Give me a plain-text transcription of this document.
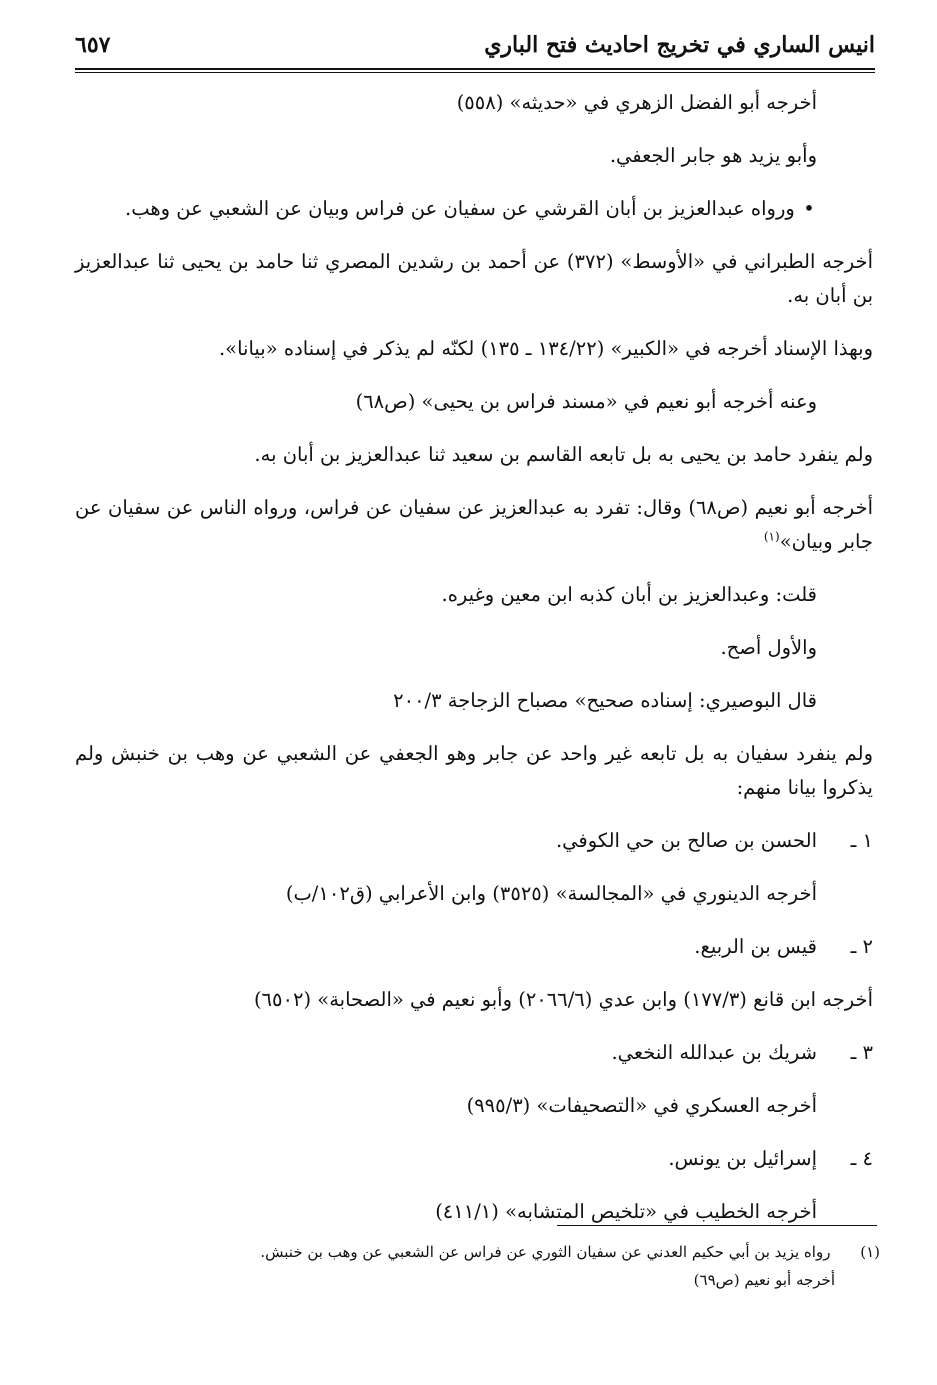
انيس الساري في تخريج احاديث فتح الباري
٦٥٧

أخرجه أبو الفضل الزهري في «حديثه» (٥٥٨)

وأبو يزيد هو جابر الجعفي.

• ورواه عبدالعزيز بن أبان القرشي عن سفيان عن فراس وبيان عن الشعبي عن وهب.

أخرجه الطبراني في «الأوسط» (٣٧٢) عن أحمد بن رشدين المصري ثنا حامد بن يحيى ثنا عبدالعزيز بن أبان به.

وبهذا الإسناد أخرجه في «الكبير» (١٣٤/٢٢ ـ ١٣٥) لكنّه لم يذكر في إسناده «بيانا».

وعنه أخرجه أبو نعيم في «مسند فراس بن يحيى» (ص٦٨)

ولم ينفرد حامد بن يحيى به بل تابعه القاسم بن سعيد ثنا عبدالعزيز بن أبان به.

أخرجه أبو نعيم (ص٦٨) وقال: تفرد به عبدالعزيز عن سفيان عن فراس، ورواه الناس عن سفيان عن جابر وبيان»$^{(١)}$

قلت: وعبدالعزيز بن أبان كذبه ابن معين وغيره.

والأول أصح.

قال البوصيري: إسناده صحيح» مصباح الزجاجة ٢٠٠/٣

ولم ينفرد سفيان به بل تابعه غير واحد عن جابر وهو الجعفي عن الشعبي عن وهب بن خنبش ولم يذكروا بيانا منهم:

١ ـالحسن بن صالح بن حي الكوفي.

أخرجه الدينوري في «المجالسة» (٣٥٢٥) وابن الأعرابي (ق١٠٢/ب)

٢ ـقيس بن الربيع.

أخرجه ابن قانع (١٧٧/٣) وابن عدي (٢٠٦٦/٦) وأبو نعيم في «الصحابة» (٦٥٠٢)

٣ ـشريك بن عبدالله النخعي.

أخرجه العسكري في «التصحيفات» (٩٩٥/٣)

٤ ـإسرائيل بن يونس.

أخرجه الخطيب في «تلخيص المتشابه» (٤١١/١)

(١)  رواه يزيد بن أبي حكيم العدني عن سفيان الثوري عن فراس عن الشعبي عن وهب بن خنبش.

أخرجه أبو نعيم (ص٦٩)
